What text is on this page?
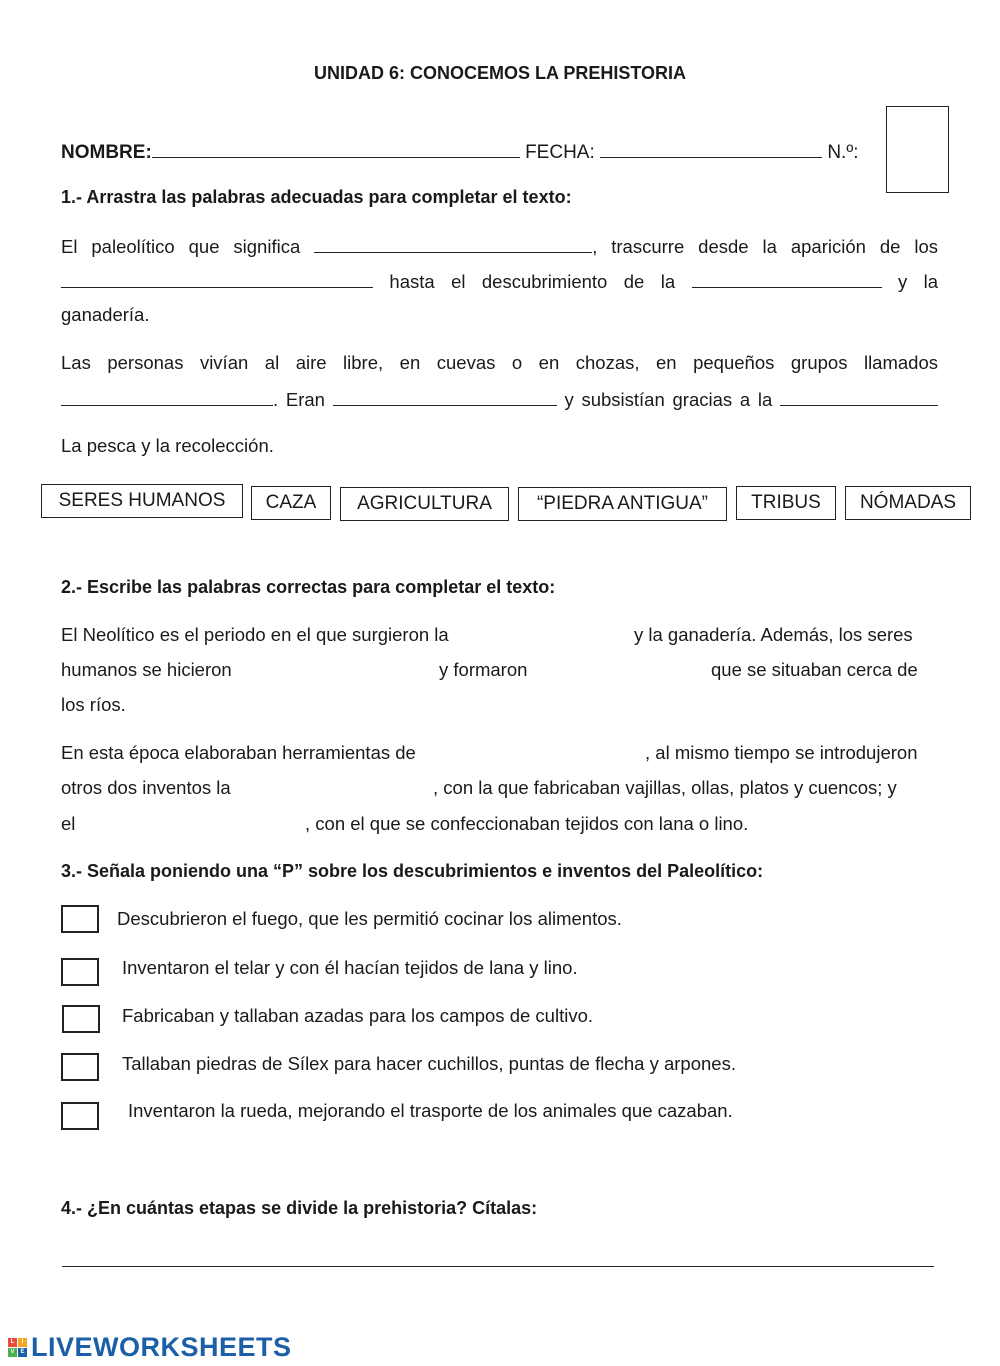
UNIDAD 6: CONOCEMOS LA PREHISTORIA
NOMBRE:	FECHA:	N.º:
1.- Arrastra las palabras adecuadas para completar el texto:
El paleolítico que significa	, trascurre desde la aparición de los
hasta el descubrimiento de la	y la
ganadería.
Las personas vivían al aire libre, en cuevas o en chozas, en pequeños grupos llamados
. Eran	y subsistían gracias a la
La pesca y la recolección.
SERES HUMANOS	CAZA	AGRICULTURA	“PIEDRA ANTIGUA”	TRIBUS	NÓMADAS
2.- Escribe las palabras correctas para completar el texto:
El Neolítico es el periodo en el que surgieron la	y la ganadería. Además, los seres
humanos se hicieron	y formaron	que se situaban cerca de
los ríos.
En esta época elaboraban herramientas de	, al mismo tiempo se introdujeron
otros dos inventos la	, con la que fabricaban vajillas, ollas, platos y cuencos; y
el	, con el que se confeccionaban tejidos con lana o lino.
3.- Señala poniendo una “P” sobre los descubrimientos e inventos del Paleolítico:
Descubrieron el fuego, que les permitió cocinar los alimentos.
Inventaron el telar y con él hacían tejidos de lana y lino.
Fabricaban y tallaban azadas para los campos de cultivo.
Tallaban piedras de Sílex para hacer cuchillos, puntas de flecha y arpones.
Inventaron la rueda, mejorando el trasporte de los animales que cazaban.
4.- ¿En cuántas etapas se divide la prehistoria? Cítalas:
L	I
V E LIVEWORKSHEETS
